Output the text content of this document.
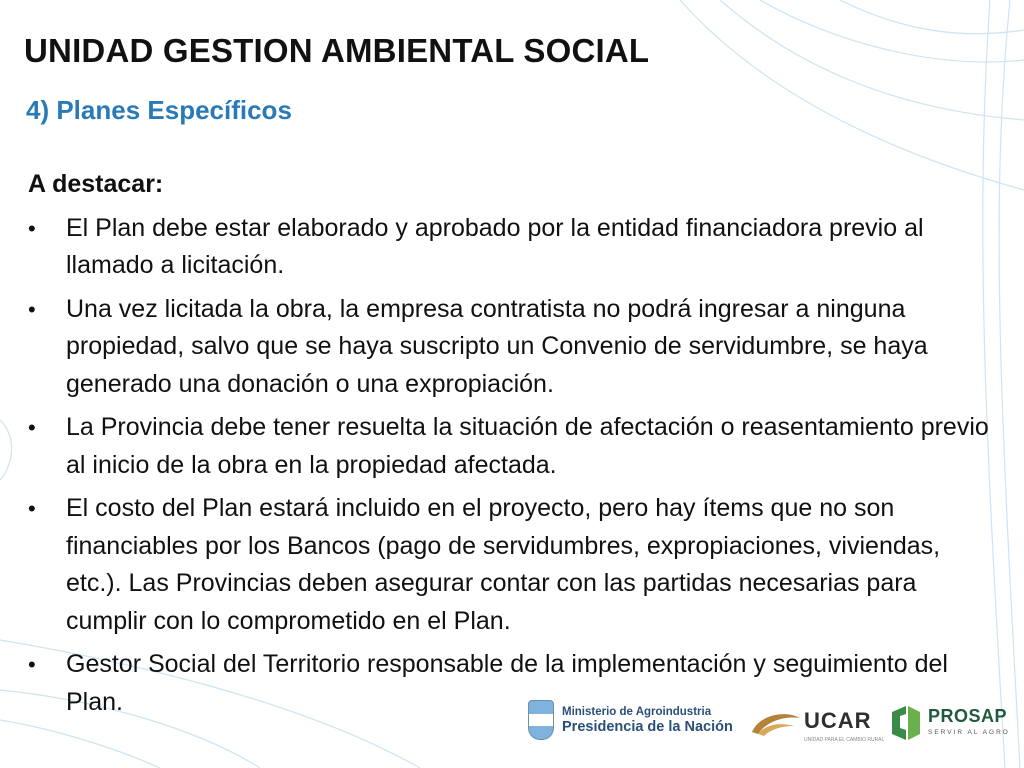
UNIDAD GESTION AMBIENTAL SOCIAL
4) Planes Específicos
A destacar:
• El Plan debe estar elaborado y aprobado por la entidad financiadora previo al llamado a licitación.
• Una vez licitada la obra, la empresa contratista no podrá ingresar a ninguna propiedad, salvo que se haya suscripto un Convenio de servidumbre, se haya generado una donación o una expropiación.
• La Provincia debe tener resuelta la situación de afectación o reasentamiento previo al inicio de la obra en la propiedad afectada.
• El costo del Plan estará incluido en el proyecto, pero hay ítems que no son financiables por los Bancos (pago de servidumbres, expropiaciones, viviendas, etc.). Las Provincias deben asegurar contar con las partidas necesarias para cumplir con lo comprometido en el Plan.
• Gestor Social del Territorio responsable de la implementación y seguimiento del Plan.	Ministerio de Agroindustria
Presidencia de la Nación	UCAR
UNIDAD PARA EL CAMBIO RURAL
PROSAP
SERVIR AL AGRO
